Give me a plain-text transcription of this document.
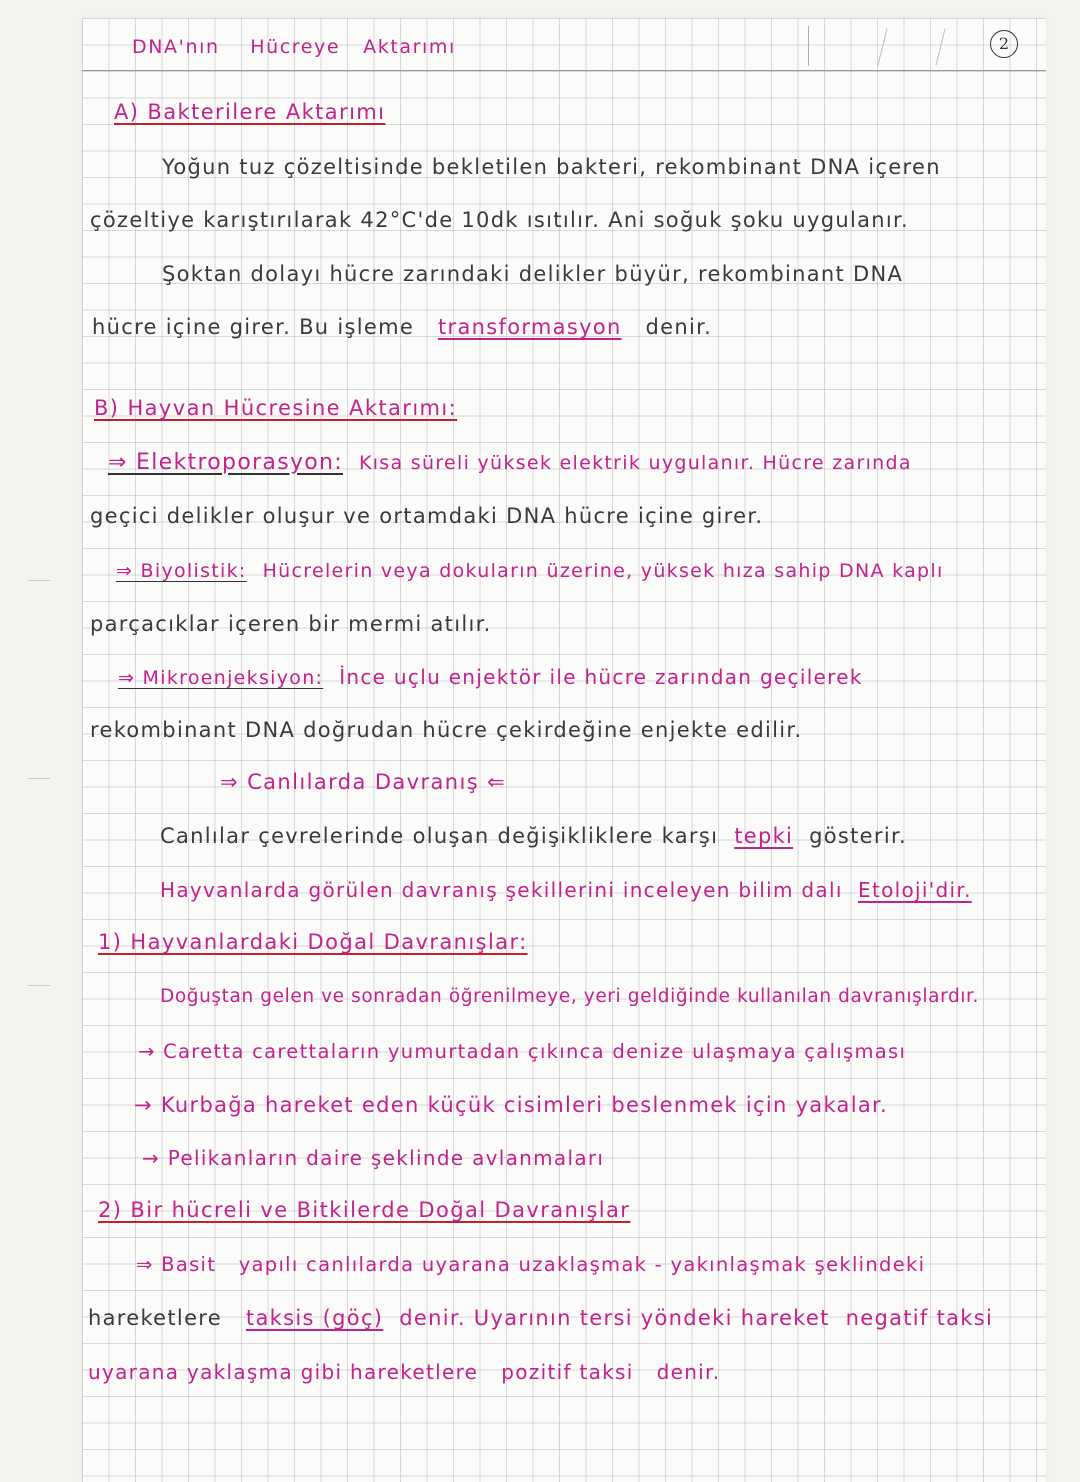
2
DNA'nın Hücreye Aktarımı
A) Bakterilere Aktarımı
Yoğun tuz çözeltisinde bekletilen bakteri, rekombinant DNA içeren
çözeltiye karıştırılarak 42°C'de 10dk ısıtılır. Ani soğuk şoku uygulanır.
Şoktan dolayı hücre zarındaki delikler büyür, rekombinant DNA
hücre içine girer. Bu işleme transformasyon denir.
B) Hayvan Hücresine Aktarımı:
⇒ Elektroporasyon: Kısa süreli yüksek elektrik uygulanır. Hücre zarında
geçici delikler oluşur ve ortamdaki DNA hücre içine girer.
⇒ Biyolistik: Hücrelerin veya dokuların üzerine, yüksek hıza sahip DNA kaplı
parçacıklar içeren bir mermi atılır.
⇒ Mikroenjeksiyon: İnce uçlu enjektör ile hücre zarından geçilerek
rekombinant DNA doğrudan hücre çekirdeğine enjekte edilir.
⇒ Canlılarda Davranış ⇐
Canlılar çevrelerinde oluşan değişikliklere karşı tepki gösterir.
Hayvanlarda görülen davranış şekillerini inceleyen bilim dalı Etoloji'dir.
1) Hayvanlardaki Doğal Davranışlar:
Doğuştan gelen ve sonradan öğrenilmeye, yeri geldiğinde kullanılan davranışlardır.
→ Caretta carettaların yumurtadan çıkınca denize ulaşmaya çalışması
→ Kurbağa hareket eden küçük cisimleri beslenmek için yakalar.
→ Pelikanların daire şeklinde avlanmaları
2) Bir hücreli ve Bitkilerde Doğal Davranışlar
⇒ Basit yapılı canlılarda uyarana uzaklaşmak - yakınlaşmak şeklindeki
hareketlere taksis (göç) denir. Uyarının tersi yöndeki hareket negatif taksi
uyarana yaklaşma gibi hareketlere pozitif taksi denir.
